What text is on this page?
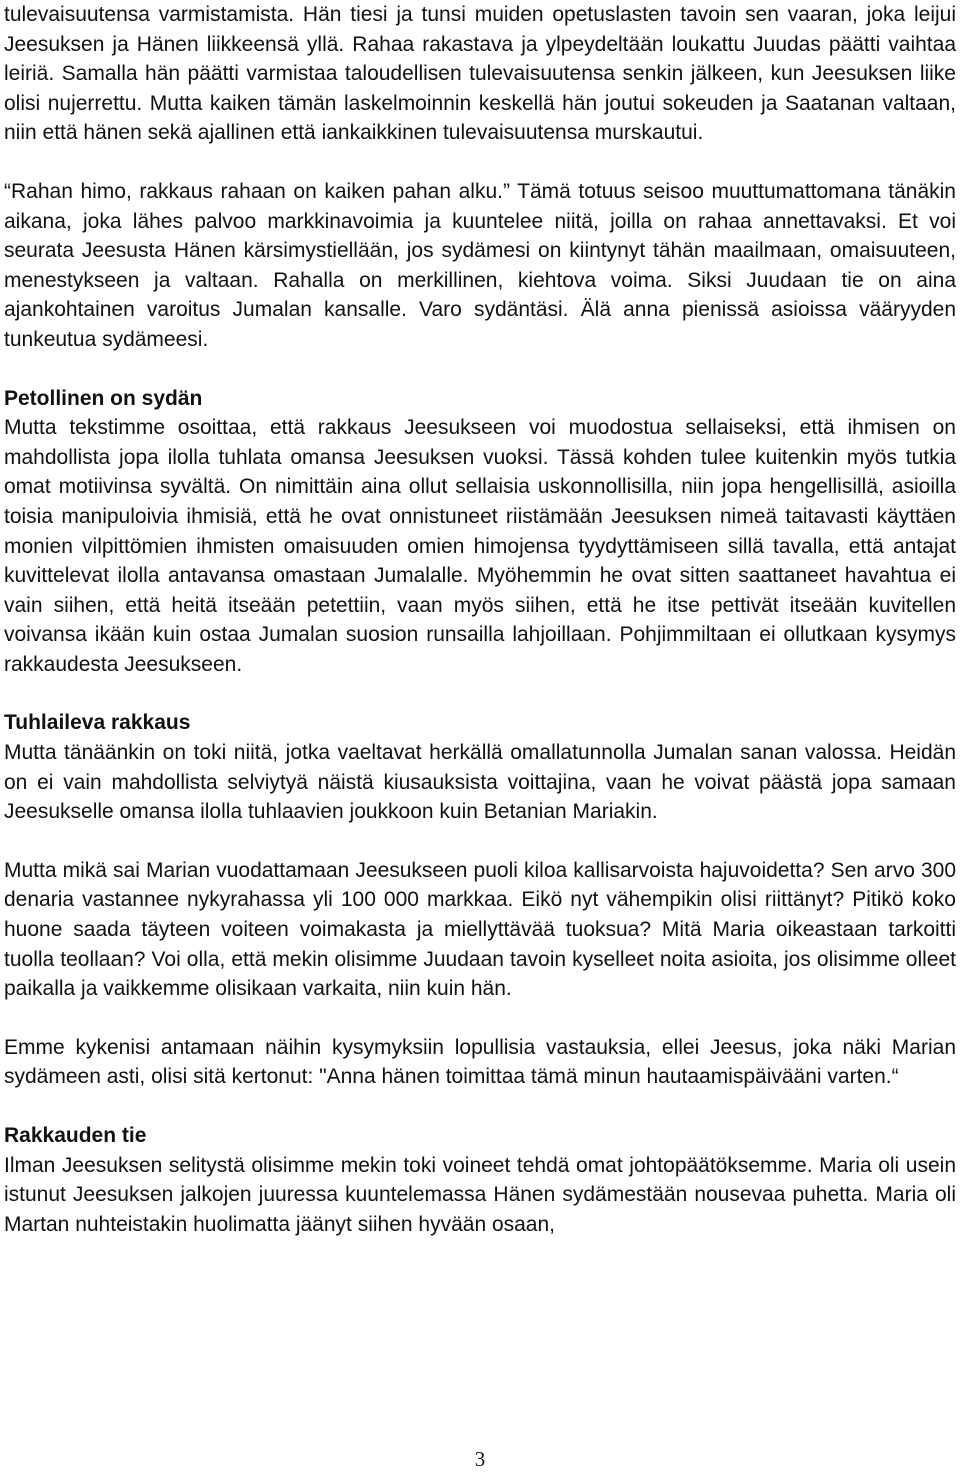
tulevaisuutensa varmistamista. Hän tiesi ja tunsi muiden opetuslasten tavoin sen vaaran, joka leijui Jeesuksen ja Hänen liikkeensä yllä. Rahaa rakastava ja ylpeydeltään loukattu Juudas päätti vaihtaa leiriä. Samalla hän päätti varmistaa taloudellisen tulevaisuutensa senkin jälkeen, kun Jeesuksen liike olisi nujerrettu. Mutta kaiken tämän laskelmoinnin keskellä hän joutui sokeuden ja Saatanan valtaan, niin että hänen sekä ajallinen että iankaikkinen tulevaisuutensa murskautui.

“Rahan himo, rakkaus rahaan on kaiken pahan alku.” Tämä totuus seisoo muuttumattomana tänäkin aikana, joka lähes palvoo markkinavoimia ja kuuntelee niitä, joilla on rahaa annettavaksi. Et voi seurata Jeesusta Hänen kärsimystiellään, jos sydämesi on kiintynyt tähän maailmaan, omaisuuteen, menestykseen ja valtaan. Rahalla on merkillinen, kiehtova voima. Siksi Juudaan tie on aina ajankohtainen varoitus Jumalan kansalle. Varo sydäntäsi. Älä anna pienissä asioissa vääryyden tunkeutua sydämeesi.

Petollinen on sydän

Mutta tekstimme osoittaa, että rakkaus Jeesukseen voi muodostua sellaiseksi, että ihmisen on mahdollista jopa ilolla tuhlata omansa Jeesuksen vuoksi. Tässä kohden tulee kuitenkin myös tutkia omat motiivinsa syvältä. On nimittäin aina ollut sellaisia uskonnollisilla, niin jopa hengellisillä, asioilla toisia manipuloivia ihmisiä, että he ovat onnistuneet riistämään Jeesuksen nimeä taitavasti käyttäen monien vilpittömien ihmisten omaisuuden omien himojensa tyydyttämiseen sillä tavalla, että antajat kuvittelevat ilolla antavansa omastaan Jumalalle. Myöhemmin he ovat sitten saattaneet havahtua ei vain siihen, että heitä itseään petettiin, vaan myös siihen, että he itse pettivät itseään kuvitellen voivansa ikään kuin ostaa Jumalan suosion runsailla lahjoillaan. Pohjimmiltaan ei ollutkaan kysymys rakkaudesta Jeesukseen.

Tuhlaileva rakkaus

Mutta tänäänkin on toki niitä, jotka vaeltavat herkällä omallatunnolla Jumalan sanan valossa. Heidän on ei vain mahdollista selviytyä näistä kiusauksista voittajina, vaan he voivat päästä jopa samaan Jeesukselle omansa ilolla tuhlaavien joukkoon kuin Betanian Mariakin.

Mutta mikä sai Marian vuodattamaan Jeesukseen puoli kiloa kallisarvoista hajuvoidetta? Sen arvo 300 denaria vastannee nykyrahassa yli 100 000 markkaa. Eikö nyt vähempikin olisi riittänyt? Pitikö koko huone saada täyteen voiteen voimakasta ja miellyttävää tuoksua? Mitä Maria oikeastaan tarkoitti tuolla teollaan? Voi olla, että mekin olisimme Juudaan tavoin kyselleet noita asioita, jos olisimme olleet paikalla ja vaikkemme olisikaan varkaita, niin kuin hän.

Emme kykenisi antamaan näihin kysymyksiin lopullisia vastauksia, ellei Jeesus, joka näki Marian sydämeen asti, olisi sitä kertonut: "Anna hänen toimittaa tämä minun hautaamispäivääni varten.“

Rakkauden tie

Ilman Jeesuksen selitystä olisimme mekin toki voineet tehdä omat johtopäätöksemme. Maria oli usein istunut Jeesuksen jalkojen juuressa kuuntelemassa Hänen sydämestään nousevaa puhetta. Maria oli Martan nuhteistakin huolimatta jäänyt siihen hyvään osaan,

3
